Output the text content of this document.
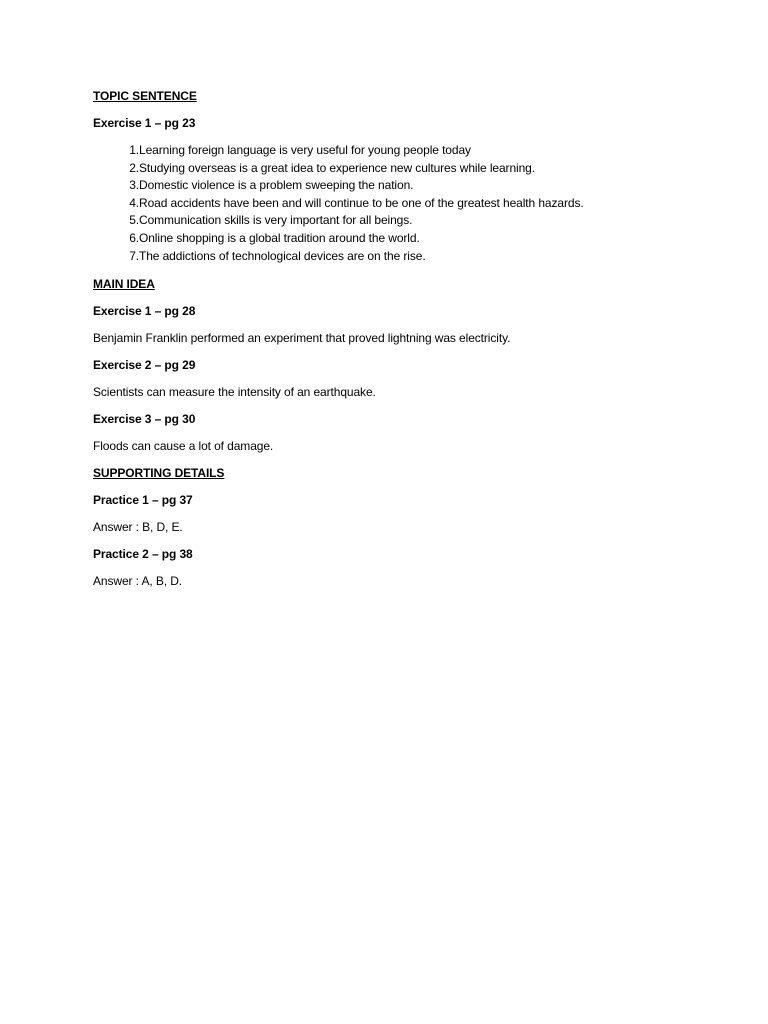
TOPIC SENTENCE
Exercise 1 – pg 23
1. Learning foreign language is very useful for young people today
2. Studying overseas is a great idea to experience new cultures while learning.
3. Domestic violence is a problem sweeping the nation.
4. Road accidents have been and will continue to be one of the greatest health hazards.
5. Communication skills is very important for all beings.
6. Online shopping is a global tradition around the world.
7. The addictions of technological devices are on the rise.
MAIN IDEA
Exercise 1 – pg 28
Benjamin Franklin performed an experiment that proved lightning was electricity.
Exercise 2 – pg 29
Scientists can measure the intensity of an earthquake.
Exercise 3 – pg 30
Floods can cause a lot of damage.
SUPPORTING DETAILS
Practice 1 – pg 37
Answer : B, D, E.
Practice 2 – pg 38
Answer : A, B, D.
